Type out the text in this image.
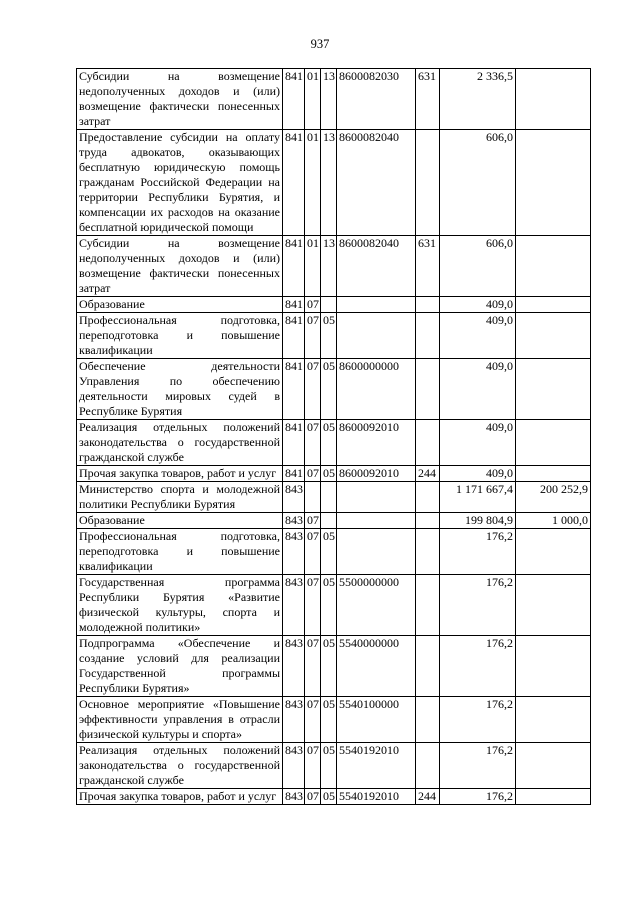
937
Субсидии на возмещение недополученных доходов и (или) возмещение фактически понесенных затрат	841	01	13	8600082030	631	2 336,5	
Предоставление субсидии на оплату труда адвокатов, оказывающих бесплатную юридическую помощь гражданам Российской Федерации на территории Республики Бурятия, и компенсации их расходов на оказание бесплатной юридической помощи	841	01	13	8600082040		606,0	
Субсидии на возмещение недополученных доходов и (или) возмещение фактически понесенных затрат	841	01	13	8600082040	631	606,0	
Образование	841	07				409,0	
Профессиональная подготовка, переподготовка и повышение квалификации	841	07	05			409,0	
Обеспечение деятельности Управления по обеспечению деятельности мировых судей в Республике Бурятия	841	07	05	8600000000		409,0	
Реализация отдельных положений законодательства о государственной гражданской службе	841	07	05	8600092010		409,0	
Прочая закупка товаров, работ и услуг	841	07	05	8600092010	244	409,0	
Министерство спорта и молодежной политики Республики Бурятия	843					1 171 667,4	200 252,9
Образование	843	07				199 804,9	1 000,0
Профессиональная подготовка, переподготовка и повышение квалификации	843	07	05			176,2	
Государственная программа Республики Бурятия «Развитие физической культуры, спорта и молодежной политики»	843	07	05	5500000000		176,2	
Подпрограмма «Обеспечение и создание условий для реализации Государственной программы Республики Бурятия»	843	07	05	5540000000		176,2	
Основное мероприятие «Повышение эффективности управления в отрасли физической культуры и спорта»	843	07	05	5540100000		176,2	
Реализация отдельных положений законодательства о государственной гражданской службе	843	07	05	5540192010		176,2	
Прочая закупка товаров, работ и услуг	843	07	05	5540192010	244	176,2	
